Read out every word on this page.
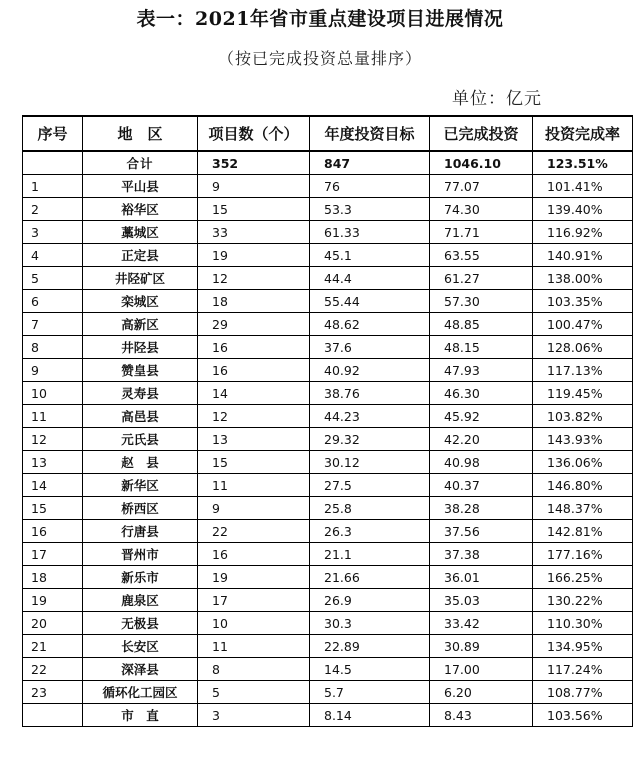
表一：2021年省市重点建设项目进展情况
（按已完成投资总量排序）
单位：亿元
序号	地　区	项目数（个）	年度投资目标	已完成投资	投资完成率
	合计	352	847	1046.10	123.51%
1	平山县	9	76	77.07	101.41%
2	裕华区	15	53.3	74.30	139.40%
3	藁城区	33	61.33	71.71	116.92%
4	正定县	19	45.1	63.55	140.91%
5	井陉矿区	12	44.4	61.27	138.00%
6	栾城区	18	55.44	57.30	103.35%
7	高新区	29	48.62	48.85	100.47%
8	井陉县	16	37.6	48.15	128.06%
9	赞皇县	16	40.92	47.93	117.13%
10	灵寿县	14	38.76	46.30	119.45%
11	高邑县	12	44.23	45.92	103.82%
12	元氏县	13	29.32	42.20	143.93%
13	赵　县	15	30.12	40.98	136.06%
14	新华区	11	27.5	40.37	146.80%
15	桥西区	9	25.8	38.28	148.37%
16	行唐县	22	26.3	37.56	142.81%
17	晋州市	16	21.1	37.38	177.16%
18	新乐市	19	21.66	36.01	166.25%
19	鹿泉区	17	26.9	35.03	130.22%
20	无极县	10	30.3	33.42	110.30%
21	长安区	11	22.89	30.89	134.95%
22	深泽县	8	14.5	17.00	117.24%
23	循环化工园区	5	5.7	6.20	108.77%
	市　直	3	8.14	8.43	103.56%
